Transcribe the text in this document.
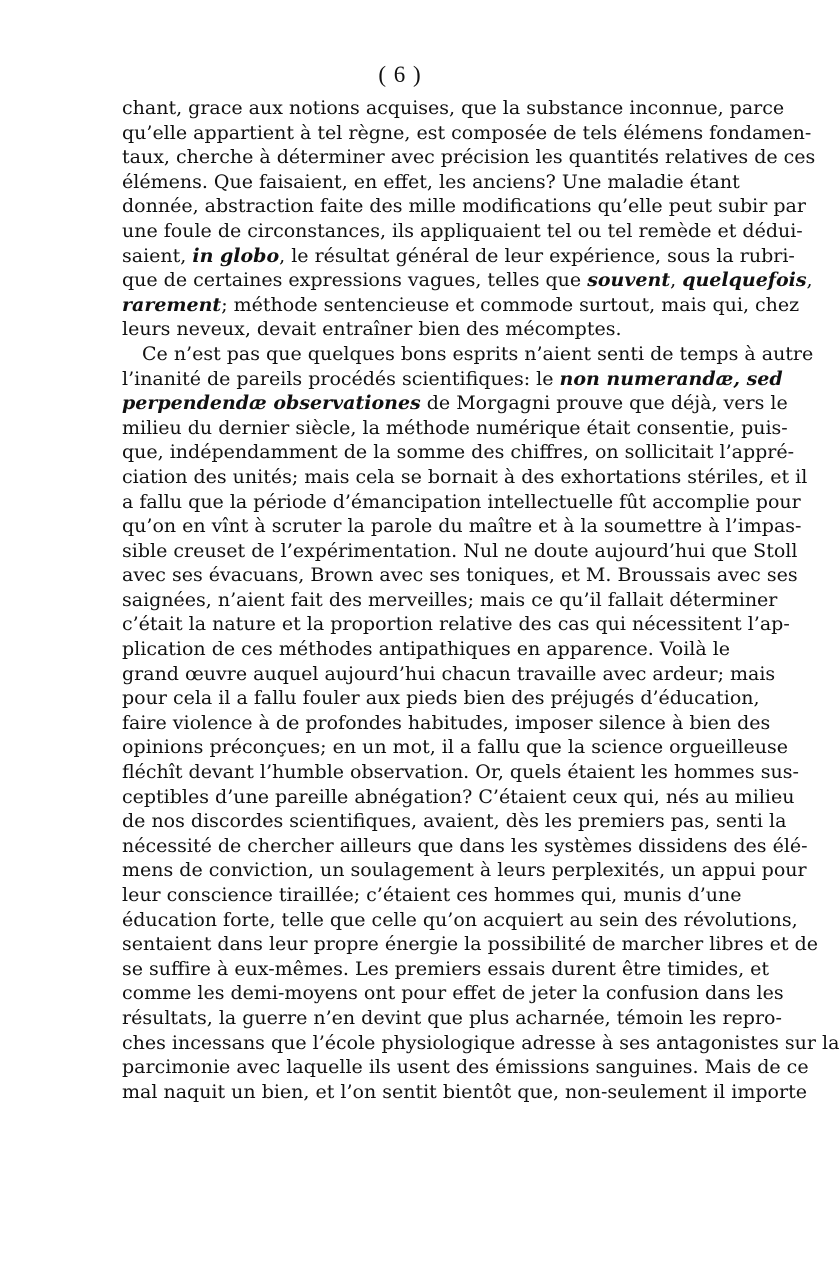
( 6 )
chant, grace aux notions acquises, que la substance inconnue, parce
qu’elle appartient à tel règne, est composée de tels élémens fondamen-
taux, cherche à déterminer avec précision les quantités relatives de ces
élémens. Que faisaient, en effet, les anciens? Une maladie étant
donnée, abstraction faite des mille modifications qu’elle peut subir par
une foule de circonstances, ils appliquaient tel ou tel remède et dédui-
saient, in globo, le résultat général de leur expérience, sous la rubri-
que de certaines expressions vagues, telles que souvent, quelquefois,
rarement; méthode sentencieuse et commode surtout, mais qui, chez
leurs neveux, devait entraîner bien des mécomptes.
Ce n’est pas que quelques bons esprits n’aient senti de temps à autre
l’inanité de pareils procédés scientifiques: le non numerandæ, sed
perpendendæ observationes de Morgagni prouve que déjà, vers le
milieu du dernier siècle, la méthode numérique était consentie, puis-
que, indépendamment de la somme des chiffres, on sollicitait l’appré-
ciation des unités; mais cela se bornait à des exhortations stériles, et il
a fallu que la période d’émancipation intellectuelle fût accomplie pour
qu’on en vînt à scruter la parole du maître et à la soumettre à l’impas-
sible creuset de l’expérimentation. Nul ne doute aujourd’hui que Stoll
avec ses évacuans, Brown avec ses toniques, et M. Broussais avec ses
saignées, n’aient fait des merveilles; mais ce qu’il fallait déterminer
c’était la nature et la proportion relative des cas qui nécessitent l’ap-
plication de ces méthodes antipathiques en apparence. Voilà le
grand œuvre auquel aujourd’hui chacun travaille avec ardeur; mais
pour cela il a fallu fouler aux pieds bien des préjugés d’éducation,
faire violence à de profondes habitudes, imposer silence à bien des
opinions préconçues; en un mot, il a fallu que la science orgueilleuse
fléchît devant l’humble observation. Or, quels étaient les hommes sus-
ceptibles d’une pareille abnégation? C’étaient ceux qui, nés au milieu
de nos discordes scientifiques, avaient, dès les premiers pas, senti la
nécessité de chercher ailleurs que dans les systèmes dissidens des élé-
mens de conviction, un soulagement à leurs perplexités, un appui pour
leur conscience tiraillée; c’étaient ces hommes qui, munis d’une
éducation forte, telle que celle qu’on acquiert au sein des révolutions,
sentaient dans leur propre énergie la possibilité de marcher libres et de
se suffire à eux-mêmes. Les premiers essais durent être timides, et
comme les demi-moyens ont pour effet de jeter la confusion dans les
résultats, la guerre n’en devint que plus acharnée, témoin les repro-
ches incessans que l’école physiologique adresse à ses antagonistes sur la
parcimonie avec laquelle ils usent des émissions sanguines. Mais de ce
mal naquit un bien, et l’on sentit bientôt que, non-seulement il importe
